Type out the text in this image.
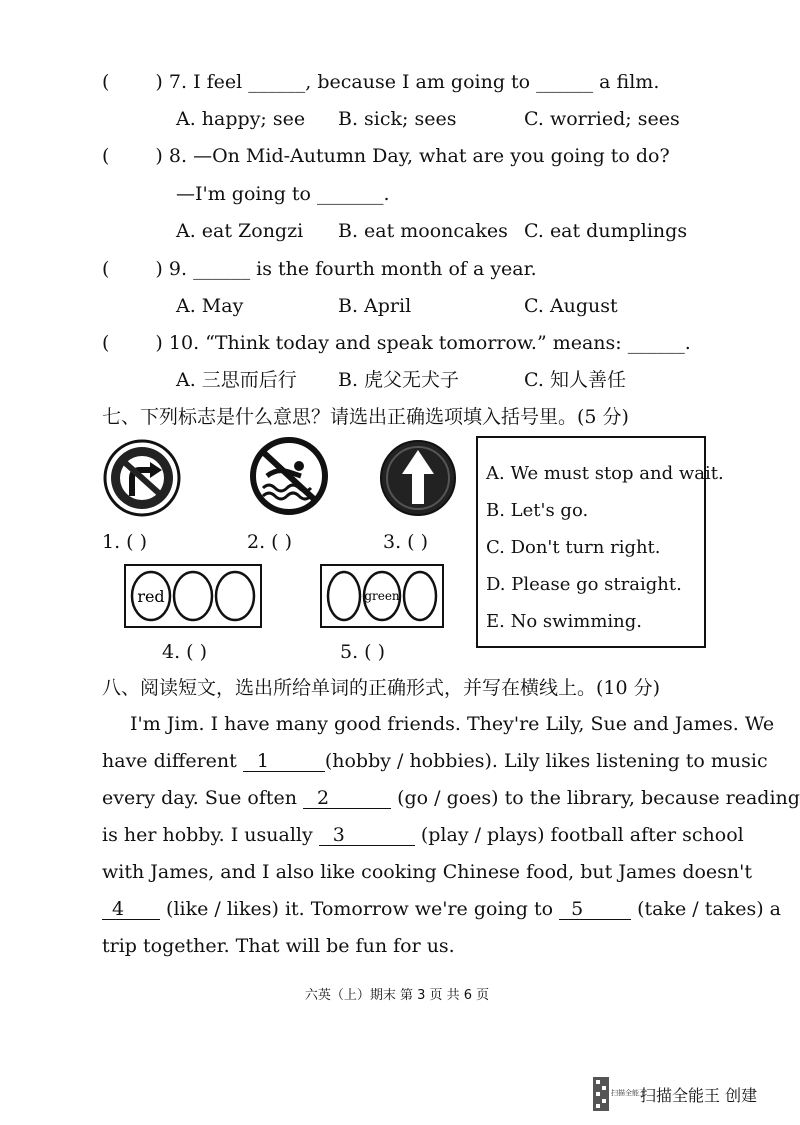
( ) 7. I feel ______, because I am going to ______ a film.
A. happy; see B. sick; sees	C. worried; sees
( ) 8. —On Mid-Autumn Day, what are you going to do?
—I'm going to _______.
A. eat Zongzi B. eat mooncakes C. eat dumplings
( ) 9. ______ is the fourth month of a year.
A. May	B. April	C. August
( ) 10. “Think today and speak tomorrow.” means: ______.
A. 三思而后行 B. 虎父无犬子	C. 知人善任
七、下列标志是什么意思？请选出正确选项填入括号里。(5 分)
1. ( )	2. ( )	3. ( )
red
4. ( )
green
5. ( )
A. We must stop and wait.
B. Let's go.
C. Don't turn right.
D. Please go straight.
E. No swimming.
八、阅读短文，选出所给单词的正确形式，并写在横线上。(10 分)
I'm Jim. I have many good friends. They're Lily, Sue and James. We
have different 1	(hobby / hobbies). Lily likes listening to music
every day. Sue often 2	(go / goes) to the library, because reading
is her hobby. I usually 3	(play / plays) football after school
with James, and I also like cooking Chinese food, but James doesn't
4 (like / likes) it. Tomorrow we're going to 5	(take / takes) a
trip together. That will be fun for us.
六英（上）期末 第 3 页 共 6 页
扫描全能王
扫描全能王 创建
